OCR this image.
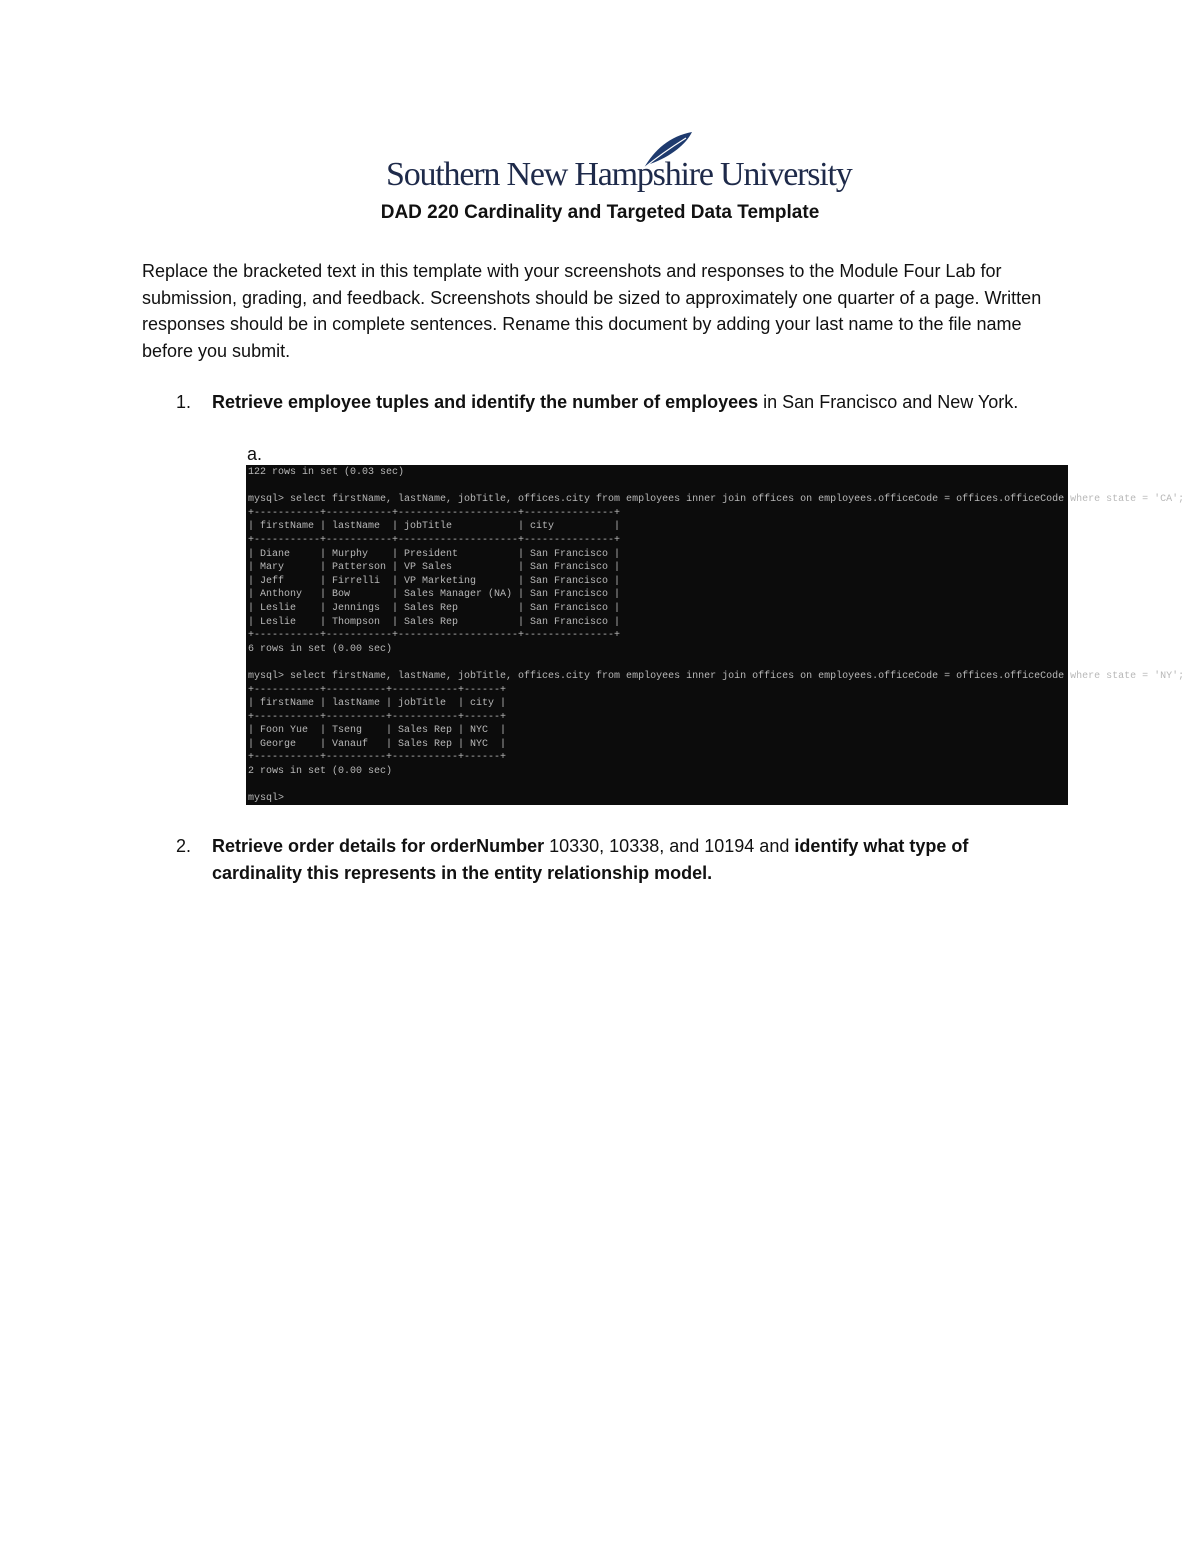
Southern New Hampshire University
DAD 220 Cardinality and Targeted Data Template
Replace the bracketed text in this template with your screenshots and responses to the Module Four Lab for submission, grading, and feedback. Screenshots should be sized to approximately one quarter of a page. Written responses should be in complete sentences. Rename this document by adding your last name to the file name before you submit.
1. Retrieve employee tuples and identify the number of employees in San Francisco and New York.
a.
122 rows in set (0.03 sec)

mysql> select firstName, lastName, jobTitle, offices.city from employees inner join offices on employees.officeCode = offices.officeCode where state = 'CA';
+-----------+-----------+--------------------+---------------+
| firstName | lastName  | jobTitle           | city          |
+-----------+-----------+--------------------+---------------+
| Diane     | Murphy    | President          | San Francisco |
| Mary      | Patterson | VP Sales           | San Francisco |
| Jeff      | Firrelli  | VP Marketing       | San Francisco |
| Anthony   | Bow       | Sales Manager (NA) | San Francisco |
| Leslie    | Jennings  | Sales Rep          | San Francisco |
| Leslie    | Thompson  | Sales Rep          | San Francisco |
+-----------+-----------+--------------------+---------------+
6 rows in set (0.00 sec)

mysql> select firstName, lastName, jobTitle, offices.city from employees inner join offices on employees.officeCode = offices.officeCode where state = 'NY';
+-----------+----------+-----------+------+
| firstName | lastName | jobTitle  | city |
+-----------+----------+-----------+------+
| Foon Yue  | Tseng    | Sales Rep | NYC  |
| George    | Vanauf   | Sales Rep | NYC  |
+-----------+----------+-----------+------+
2 rows in set (0.00 sec)

mysql>
2. Retrieve order details for orderNumber 10330, 10338, and 10194 and identify what type of cardinality this represents in the entity relationship model.
